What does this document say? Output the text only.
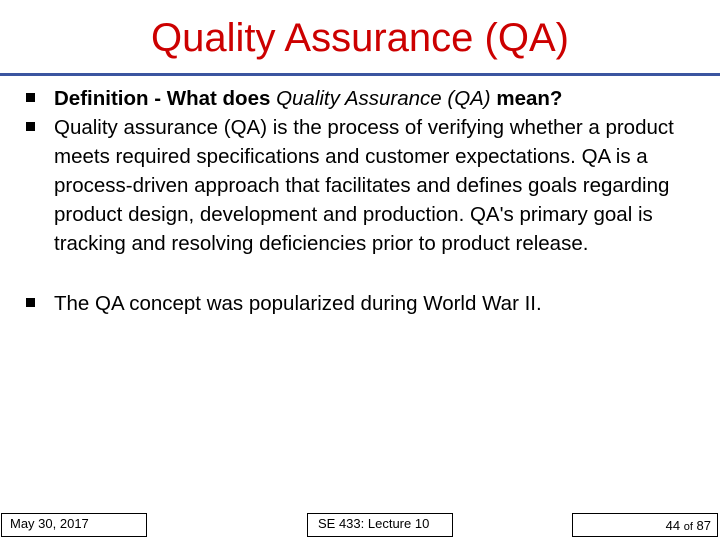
Quality Assurance (QA)
Definition - What does Quality Assurance (QA) mean?
Quality assurance (QA) is the process of verifying whether a product meets required specifications and customer expectations. QA is a process-driven approach that facilitates and defines goals regarding product design, development and production. QA's primary goal is tracking and resolving deficiencies prior to product release.
The QA concept was popularized during World War II.
May 30, 2017	SE 433: Lecture 10	44 of 87
